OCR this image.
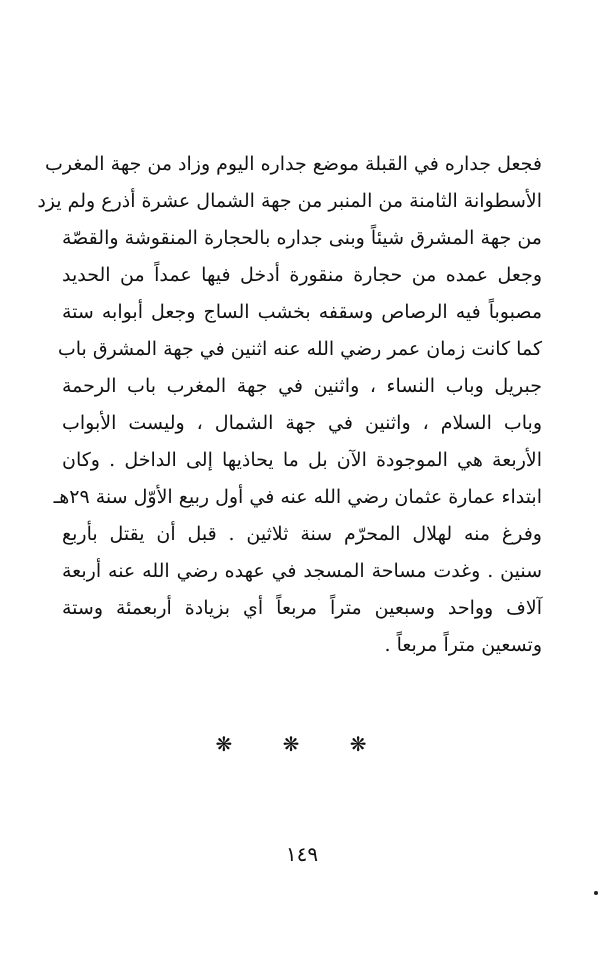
فجعل جداره في القبلة موضع جداره اليوم وزاد من جهة المغرب
الأسطوانة الثامنة من المنبر من جهة الشمال عشرة أذرع ولم يزد
من جهة المشرق شيئاً وبنى جداره بالحجارة المنقوشة والقصّة
وجعل عمده من حجارة منقورة أدخل فيها عمداً من الحديد
مصبوباً فيه الرصاص وسقفه بخشب الساج وجعل أبوابه ستة
كما كانت زمان عمر رضي الله عنه اثنين في جهة المشرق باب
جبريل وباب النساء ، واثنين في جهة المغرب باب الرحمة
وباب السلام ، واثنين في جهة الشمال ، وليست الأبواب
الأربعة هي الموجودة الآن بل ما يحاذيها إلى الداخل . وكان
ابتداء عمارة عثمان رضي الله عنه في أول ربيع الأوّل سنة ٢٩هـ
وفرغ منه لهلال المحرّم سنة ثلاثين . قبل أن يقتل بأربع
سنين . وغدت مساحة المسجد في عهده رضي الله عنه أربعة
آلاف وواحد وسبعين متراً مربعاً أي بزيادة أربعمئة وستة
وتسعين متراً مربعاً .
❋ ❋ ❋
١٤٩
